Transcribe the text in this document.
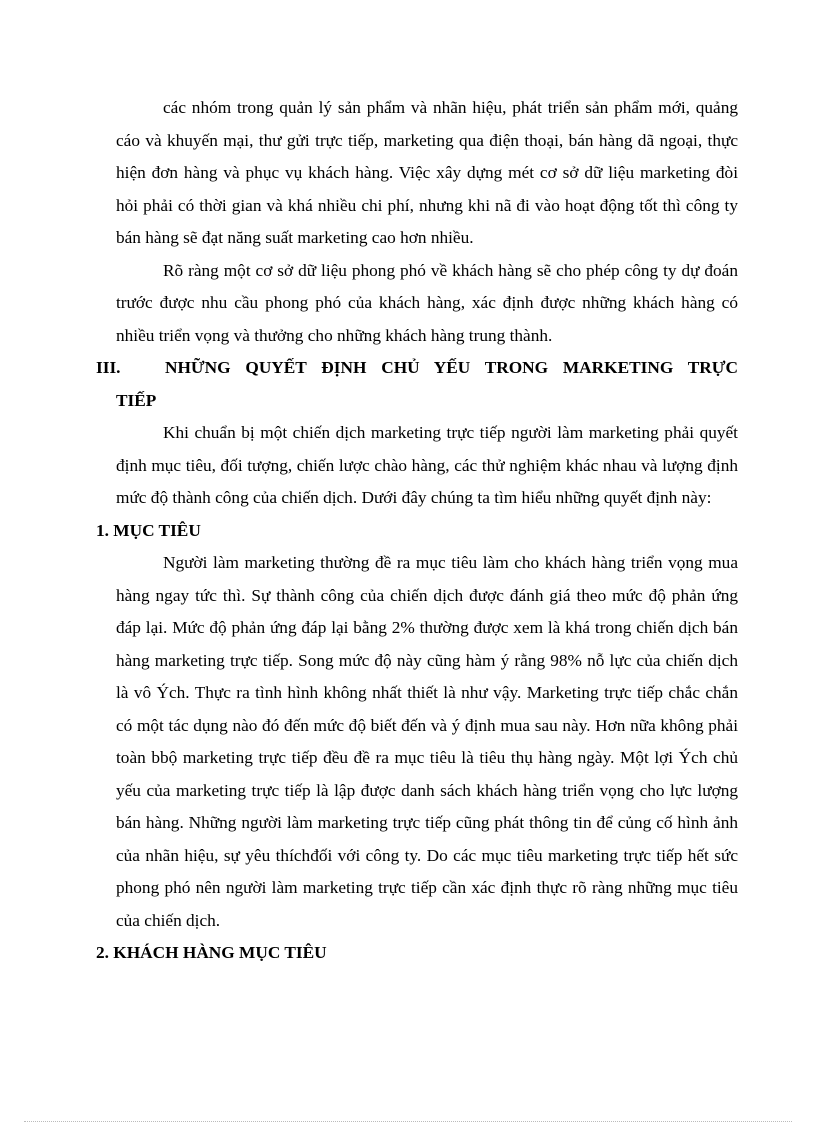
các nhóm trong quản lý sản phẩm và nhãn hiệu, phát triển sản phẩm mới, quảng cáo và khuyến mại, thư gửi trực tiếp, marketing qua điện thoại, bán hàng dã ngoại, thực hiện đơn hàng và phục vụ khách hàng. Việc xây dựng mét cơ sở dữ liệu marketing đòi hỏi phải có thời gian và khá nhiều chi phí, nhưng khi nã đi vào hoạt động tốt thì công ty bán hàng sẽ đạt năng suất marketing cao hơn nhiều.

Rõ ràng một cơ sở dữ liệu phong phó về khách hàng sẽ cho phép công ty dự đoán trước được nhu cầu phong phó của khách hàng, xác định được những khách hàng có nhiều triển vọng và thưởng cho những khách hàng trung thành.

III.	NHỮNG QUYẾT ĐỊNH CHỦ YẾU TRONG MARKETING TRỰC
TIẾP

Khi chuẩn bị một chiến dịch marketing trực tiếp người làm marketing phải quyết định mục tiêu, đối tượng, chiến lược chào hàng, các thử nghiệm khác nhau và lượng định mức độ thành công của chiến dịch. Dưới đây chúng ta tìm hiểu những quyết định này:

1. MỤC TIÊU

Người làm marketing thường đề ra mục tiêu làm cho khách hàng triển vọng mua hàng ngay tức thì. Sự thành công của chiến dịch được đánh giá theo mức độ phản ứng đáp lại. Mức độ phản ứng đáp lại bằng 2% thường được xem là khá trong chiến dịch bán hàng marketing trực tiếp. Song mức độ này cũng hàm ý rằng 98% nỗ lực của chiến dịch là vô Ých. Thực ra tình hình không nhất thiết là như vậy. Marketing trực tiếp chắc chắn có một tác dụng nào đó đến mức độ biết đến và ý định mua sau này. Hơn nữa không phải toàn bbộ marketing trực tiếp đều đề ra mục tiêu là tiêu thụ hàng ngày. Một lợi Ých chủ yếu của marketing trực tiếp là lập được danh sách khách hàng triển vọng cho lực lượng bán hàng. Những người làm marketing trực tiếp cũng phát thông tin để củng cố hình ảnh của nhãn hiệu, sự yêu thíchđối với công ty. Do các mục tiêu marketing trực tiếp hết sức phong phó nên người làm marketing trực tiếp cần xác định thực rõ ràng những mục tiêu của chiến dịch.

2. KHÁCH HÀNG MỤC TIÊU
